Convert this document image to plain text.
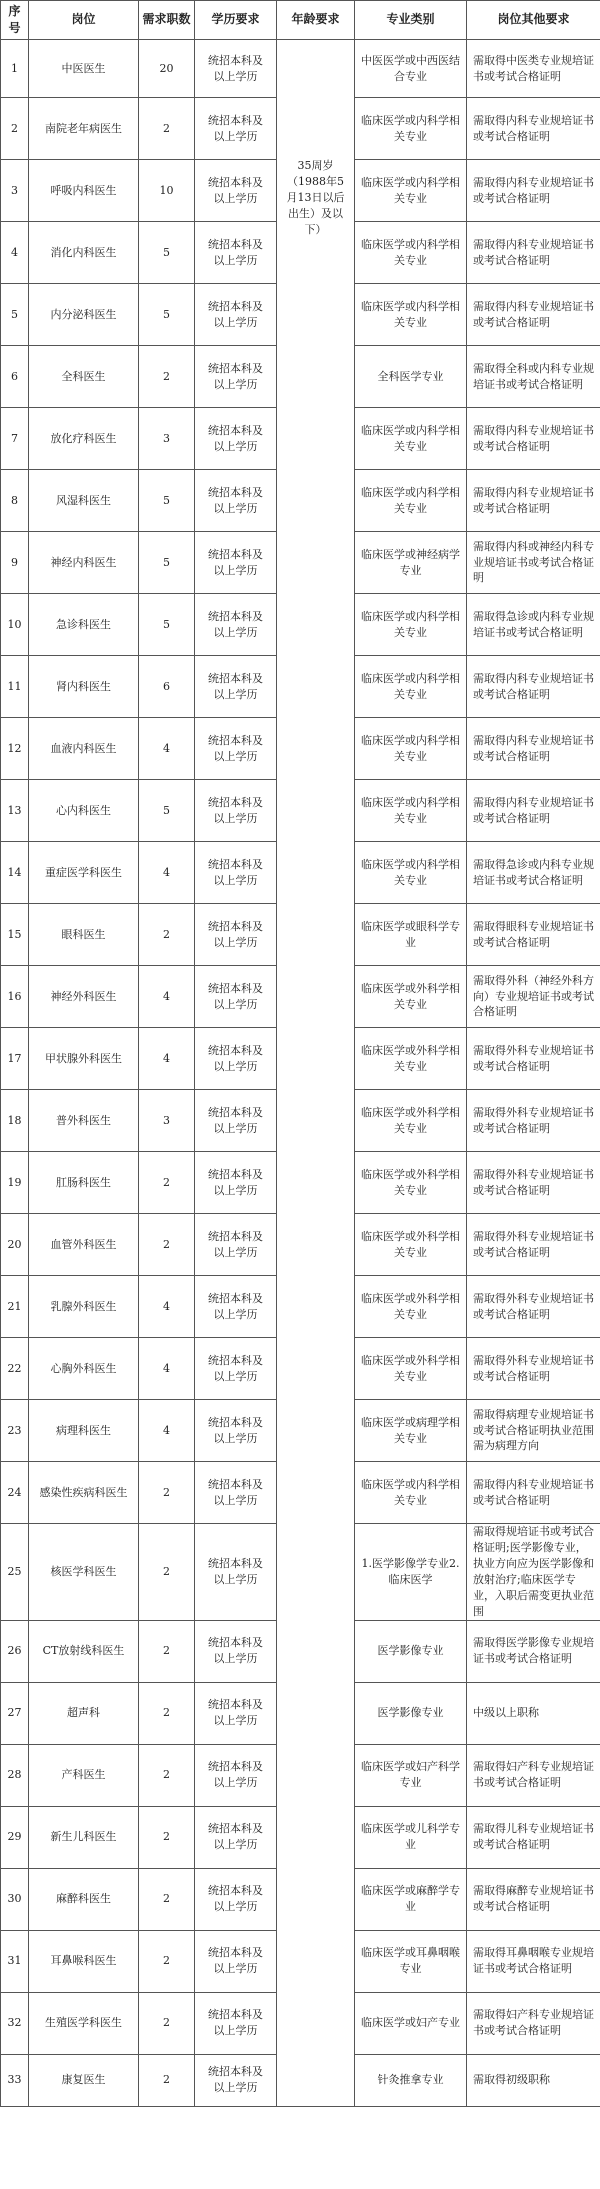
序号	岗位	需求职数	学历要求	年龄要求	专业类别	岗位其他要求
1	中医医生	20	统招本科及以上学历	35周岁（1988年5月13日以后出生）及以下）	中医医学或中西医结合专业	需取得中医类专业规培证书或考试合格证明
2	南院老年病医生	2	统招本科及以上学历		临床医学或内科学相关专业	需取得内科专业规培证书或考试合格证明
3	呼吸内科医生	10	统招本科及以上学历		临床医学或内科学相关专业	需取得内科专业规培证书或考试合格证明
4	消化内科医生	5	统招本科及以上学历		临床医学或内科学相关专业	需取得内科专业规培证书或考试合格证明
5	内分泌科医生	5	统招本科及以上学历		临床医学或内科学相关专业	需取得内科专业规培证书或考试合格证明
6	全科医生	2	统招本科及以上学历		全科医学专业	需取得全科或内科专业规培证书或考试合格证明
7	放化疗科医生	3	统招本科及以上学历		临床医学或内科学相关专业	需取得内科专业规培证书或考试合格证明
8	风湿科医生	5	统招本科及以上学历		临床医学或内科学相关专业	需取得内科专业规培证书或考试合格证明
9	神经内科医生	5	统招本科及以上学历		临床医学或神经病学专业	需取得内科或神经内科专业规培证书或考试合格证明
10	急诊科医生	5	统招本科及以上学历		临床医学或内科学相关专业	需取得急诊或内科专业规培证书或考试合格证明
11	肾内科医生	6	统招本科及以上学历		临床医学或内科学相关专业	需取得内科专业规培证书或考试合格证明
12	血液内科医生	4	统招本科及以上学历		临床医学或内科学相关专业	需取得内科专业规培证书或考试合格证明
13	心内科医生	5	统招本科及以上学历		临床医学或内科学相关专业	需取得内科专业规培证书或考试合格证明
14	重症医学科医生	4	统招本科及以上学历		临床医学或内科学相关专业	需取得急诊或内科专业规培证书或考试合格证明
15	眼科医生	2	统招本科及以上学历		临床医学或眼科学专业	需取得眼科专业规培证书或考试合格证明
16	神经外科医生	4	统招本科及以上学历		临床医学或外科学相关专业	需取得外科（神经外科方向）专业规培证书或考试合格证明
17	甲状腺外科医生	4	统招本科及以上学历		临床医学或外科学相关专业	需取得外科专业规培证书或考试合格证明
18	普外科医生	3	统招本科及以上学历		临床医学或外科学相关专业	需取得外科专业规培证书或考试合格证明
19	肛肠科医生	2	统招本科及以上学历		临床医学或外科学相关专业	需取得外科专业规培证书或考试合格证明
20	血管外科医生	2	统招本科及以上学历		临床医学或外科学相关专业	需取得外科专业规培证书或考试合格证明
21	乳腺外科医生	4	统招本科及以上学历		临床医学或外科学相关专业	需取得外科专业规培证书或考试合格证明
22	心胸外科医生	4	统招本科及以上学历		临床医学或外科学相关专业	需取得外科专业规培证书或考试合格证明
23	病理科医生	4	统招本科及以上学历		临床医学或病理学相关专业	需取得病理专业规培证书或考试合格证明执业范围需为病理方向
24	感染性疾病科医生	2	统招本科及以上学历		临床医学或内科学相关专业	需取得内科专业规培证书或考试合格证明
25	核医学科医生	2	统招本科及以上学历		1.医学影像学专业2.临床医学	需取得规培证书或考试合格证明;医学影像专业，执业方向应为医学影像和放射治疗;临床医学专业，入职后需变更执业范围
26	CT放射线科医生	2	统招本科及以上学历		医学影像专业	需取得医学影像专业规培证书或考试合格证明
27	超声科	2	统招本科及以上学历		医学影像专业	中级以上职称
28	产科医生	2	统招本科及以上学历		临床医学或妇产科学专业	需取得妇产科专业规培证书或考试合格证明
29	新生儿科医生	2	统招本科及以上学历		临床医学或儿科学专业	需取得儿科专业规培证书或考试合格证明
30	麻醉科医生	2	统招本科及以上学历		临床医学或麻醉学专业	需取得麻醉专业规培证书或考试合格证明
31	耳鼻喉科医生	2	统招本科及以上学历		临床医学或耳鼻咽喉专业	需取得耳鼻咽喉专业规培证书或考试合格证明
32	生殖医学科医生	2	统招本科及以上学历		临床医学或妇产专业	需取得妇产科专业规培证书或考试合格证明
33	康复医生	2	统招本科及以上学历		针灸推拿专业	需取得初级职称
